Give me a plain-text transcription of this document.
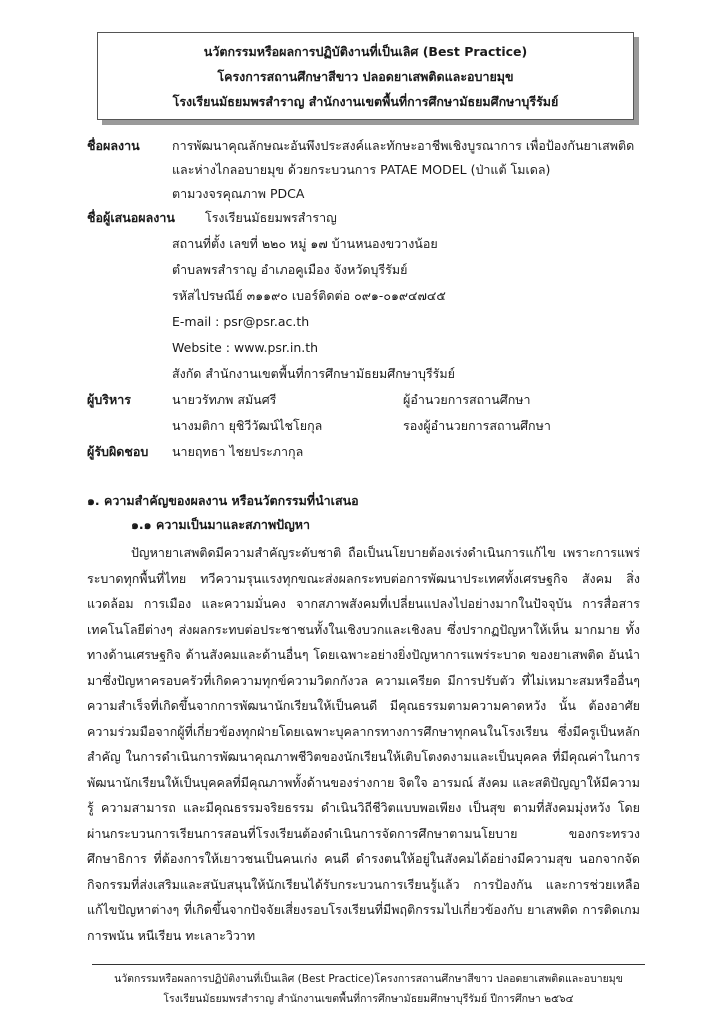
นวัตกรรมหรือผลการปฏิบัติงานที่เป็นเลิศ (Best Practice)
โครงการสถานศึกษาสีขาว ปลอดยาเสพติดและอบายมุข
โรงเรียนมัธยมพรสำราญ สำนักงานเขตพื้นที่การศึกษามัธยมศึกษาบุรีรัมย์
ชื่อผลงาน	การพัฒนาคุณลักษณะอันพึงประสงค์และทักษะอาชีพเชิงบูรณาการ เพื่อป้องกันยาเสพติด
และห่างไกลอบายมุข ด้วยกระบวนการ PATAE MODEL (ป่าแต้ โมเดล)
ตามวงจรคุณภาพ PDCA
ชื่อผู้เสนอผลงาน โรงเรียนมัธยมพรสำราญ
สถานที่ตั้ง เลขที่ ๒๒๐ หมู่ ๑๗ บ้านหนองขวางน้อย
ตำบลพรสำราญ อำเภอคูเมือง จังหวัดบุรีรัมย์
รหัสไปรษณีย์ ๓๑๑๙๐ เบอร์ติดต่อ ๐๙๑-๐๑๙๔๗๔๕
E-mail : psr@psr.ac.th
Website : www.psr.in.th
สังกัด สำนักงานเขตพื้นที่การศึกษามัธยมศึกษาบุรีรัมย์
ผู้บริหาร	นายวรัทภพ สมันศรี	ผู้อำนวยการสถานศึกษา
นางมติกา ยุชิวีวัฒน์ไชโยกุล	รองผู้อำนวยการสถานศึกษา
ผู้รับผิดชอบ นายฤทธา ไชยประภากุล
๑. ความสำคัญของผลงาน หรือนวัตกรรมที่นำเสนอ
๑.๑ ความเป็นมาและสภาพปัญหา
ปัญหายาเสพติดมีความสำคัญระดับชาติ ถือเป็นนโยบายต้องเร่งดำเนินการแก้ไข เพราะการแพร่ระบาดทุกพื้นที่ไทย ทวีความรุนแรงทุกขณะส่งผลกระทบต่อการพัฒนาประเทศทั้งเศรษฐกิจ สังคม สิ่งแวดล้อม การเมือง และความมั่นคง จากสภาพสังคมที่เปลี่ยนแปลงไปอย่างมากในปัจจุบัน การสื่อสาร เทคโนโลยีต่างๆ ส่งผลกระทบต่อประชาชนทั้งในเชิงบวกและเชิงลบ ซึ่งปรากฏปัญหาให้เห็น มากมาย ทั้งทางด้านเศรษฐกิจ ด้านสังคมและด้านอื่นๆ โดยเฉพาะอย่างยิ่งปัญหาการแพร่ระบาด ของยาเสพติด อันนำมาซึ่งปัญหาครอบครัวที่เกิดความทุกข์ความวิตกกังวล ความเครียด มีการปรับตัว ที่ไม่เหมาะสมหรืออื่นๆ ความสำเร็จที่เกิดขึ้นจากการพัฒนานักเรียนให้เป็นคนดี มีคุณธรรมตามความคาดหวัง นั้น ต้องอาศัยความร่วมมือจากผู้ที่เกี่ยวข้องทุกฝ่ายโดยเฉพาะบุคลากรทางการศึกษาทุกคนในโรงเรียน ซึ่งมีครูเป็นหลักสำคัญ ในการดำเนินการพัฒนาคุณภาพชีวิตของนักเรียนให้เติบโตงดงามและเป็นบุคคล ที่มีคุณค่าในการพัฒนานักเรียนให้เป็นบุคคลที่มีคุณภาพทั้งด้านของร่างกาย จิตใจ อารมณ์ สังคม และสติปัญญาให้มีความรู้ ความสามารถ และมีคุณธรรมจริยธรรม ดำเนินวิถีชีวิตแบบพอเพียง เป็นสุข ตามที่สังคมมุ่งหวัง โดยผ่านกระบวนการเรียนการสอนที่โรงเรียนต้องดำเนินการจัดการศึกษาตามนโยบาย ของกระทรวงศึกษาธิการ ที่ต้องการให้เยาวชนเป็นคนเก่ง คนดี ดำรงตนให้อยู่ในสังคมได้อย่างมีความสุข นอกจากจัดกิจกรรมที่ส่งเสริมและสนับสนุนให้นักเรียนได้รับกระบวนการเรียนรู้แล้ว การป้องกัน และการช่วยเหลือ แก้ไขปัญหาต่างๆ ที่เกิดขึ้นจากปัจจัยเสี่ยงรอบโรงเรียนที่มีพฤติกรรมไปเกี่ยวข้องกับ ยาเสพติด การติดเกม การพนัน หนีเรียน ทะเลาะวิวาท
นวัตกรรมหรือผลการปฏิบัติงานที่เป็นเลิศ (Best Practice)โครงการสถานศึกษาสีขาว ปลอดยาเสพติดและอบายมุข
โรงเรียนมัธยมพรสำราญ สำนักงานเขตพื้นที่การศึกษามัธยมศึกษาบุรีรัมย์ ปีการศึกษา ๒๕๖๔
